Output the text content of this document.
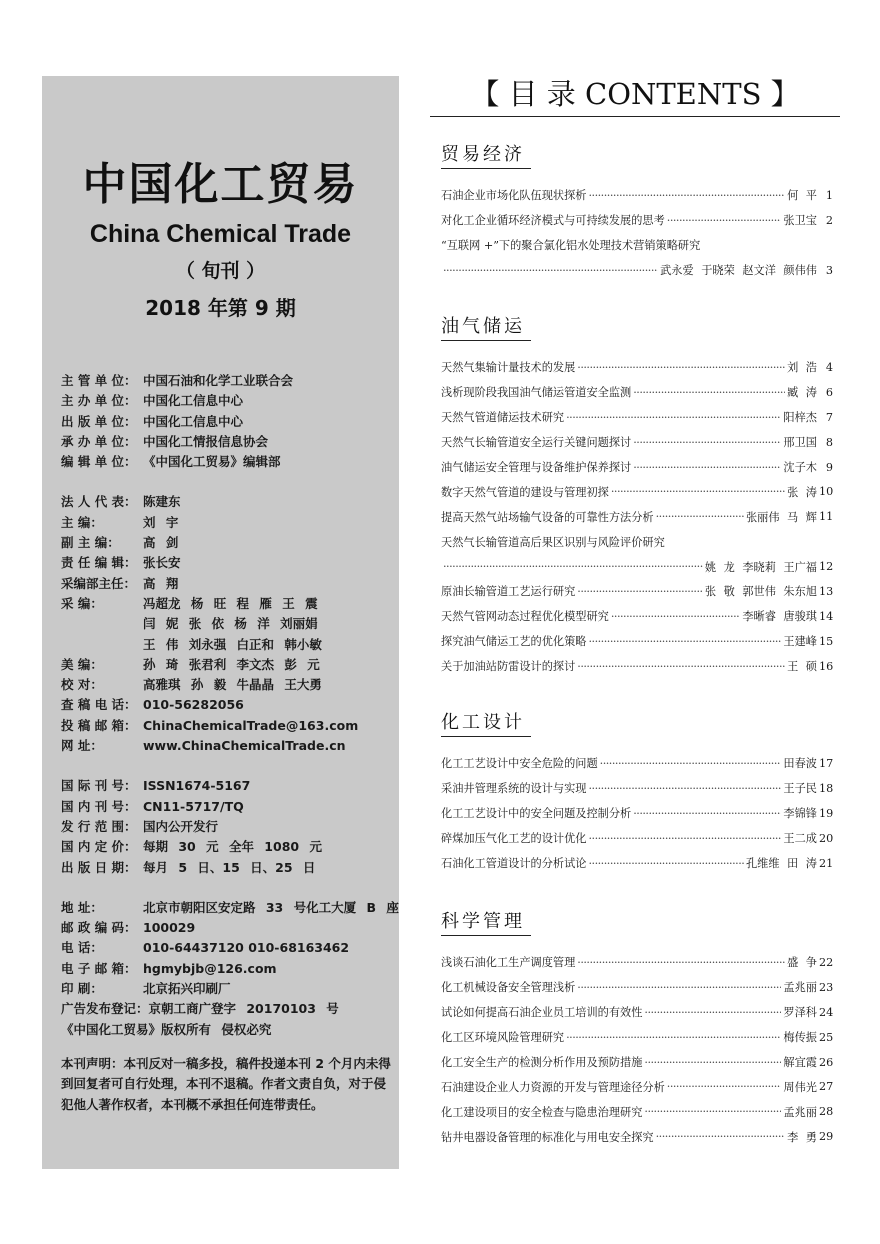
中国化工贸易
China Chemical Trade
（ 旬刊 ）
2018 年第 9 期
主 管 单 位： 中国石油和化学工业联合会
主 办 单 位： 中国化工信息中心
出 版 单 位： 中国化工信息中心
承 办 单 位： 中国化工情报信息协会
编 辑 单 位： 《中国化工贸易》编辑部
法 人 代 表： 陈建东
主 编：	刘 宇
副 主 编：	高 剑
责 任 编 辑： 张长安
采编部主任： 高 翔
采 编：	冯超龙 杨 旺 程 雁 王 震
闫 妮 张 依 杨 洋 刘丽娟
王 伟 刘永强 白正和 韩小敏
美 编：	孙 琦 张君利 李文杰 彭 元
校 对：	高雅琪 孙 毅 牛晶晶 王大勇
查 稿 电 话： 010-56282056
投 稿 邮 箱： ChinaChemicalTrade@163.com
网 址：	www.ChinaChemicalTrade.cn
国 际 刊 号： ISSN1674-5167
国 内 刊 号： CN11-5717/TQ
发 行 范 围： 国内公开发行
国 内 定 价： 每期 30 元 全年 1080 元
出 版 日 期： 每月 5 日、15 日、25 日
地 址：	北京市朝阳区安定路 33 号化工大厦 B 座
邮 政 编 码： 100029
电 话：	010-64437120 010-68163462
电 子 邮 箱： hgmybjb@126.com
印 刷：	北京拓兴印刷厂
广告发布登记：京朝工商广登字 20170103 号
《中国化工贸易》版权所有 侵权必究
本刊声明：本刊反对一稿多投，稿件投递本刊 2 个月内未得到回复者可自行处理，本刊不退稿。作者文责自负，对于侵犯他人著作权者，本刊概不承担任何连带责任。
【 目 录 CONTENTS 】
贸易经济
石油企业市场化队伍现状探析 ·····	何 平 1
对化工企业循环经济模式与可持续发展的思考 ·····	张卫宝 2
“互联网 +”下的聚合氯化铝水处理技术营销策略研究
·····
武永爱 于晓荣 赵文洋 颜伟伟 3
油气储运
天然气集输计量技术的发展 ·····	刘 浩 4
浅析现阶段我国油气储运管道安全监测 ·····	臧 涛 6
天然气管道储运技术研究 ·····	阳梓杰 7
天然气长输管道安全运行关键问题探讨 ·····	邢卫国 8
油气储运安全管理与设备维护保养探讨 ·····	沈子木 9
数字天然气管道的建设与管理初探 ·····	张 涛 10
提高天然气站场输气设备的可靠性方法分析 ·····	张丽伟 马 辉 11
天然气长输管道高后果区识别与风险评价研究
·····
姚 龙 李晓莉 王广福 12
原油长输管道工艺运行研究 ·····	张 敬 郭世伟 朱东旭 13
天然气管网动态过程优化模型研究 ·····	李晰睿 唐骏琪 14
探究油气储运工艺的优化策略 ·····	王建峰 15
关于加油站防雷设计的探讨 ·····	王 硕 16
化工设计
化工工艺设计中安全危险的问题 ·····	田春波 17
采油井管理系统的设计与实现 ·····	王子民 18
化工工艺设计中的安全问题及控制分析 ·····	李锦锋 19
碎煤加压气化工艺的设计优化 ·····	王二成 20
石油化工管道设计的分析试论 ·····	孔维维 田 涛 21
科学管理
浅谈石油化工生产调度管理 ·····	盛 争 22
化工机械设备安全管理浅析 ·····	孟兆丽 23
试论如何提高石油企业员工培训的有效性 ·····	罗泽科 24
化工区环境风险管理研究 ·····	梅传振 25
化工安全生产的检测分析作用及预防措施 ·····	解宜霞 26
石油建设企业人力资源的开发与管理途径分析 ·····	周伟光 27
化工建设项目的安全检查与隐患治理研究 ·····	孟兆丽 28
钻井电器设备管理的标准化与用电安全探究 ·····	李 勇 29
